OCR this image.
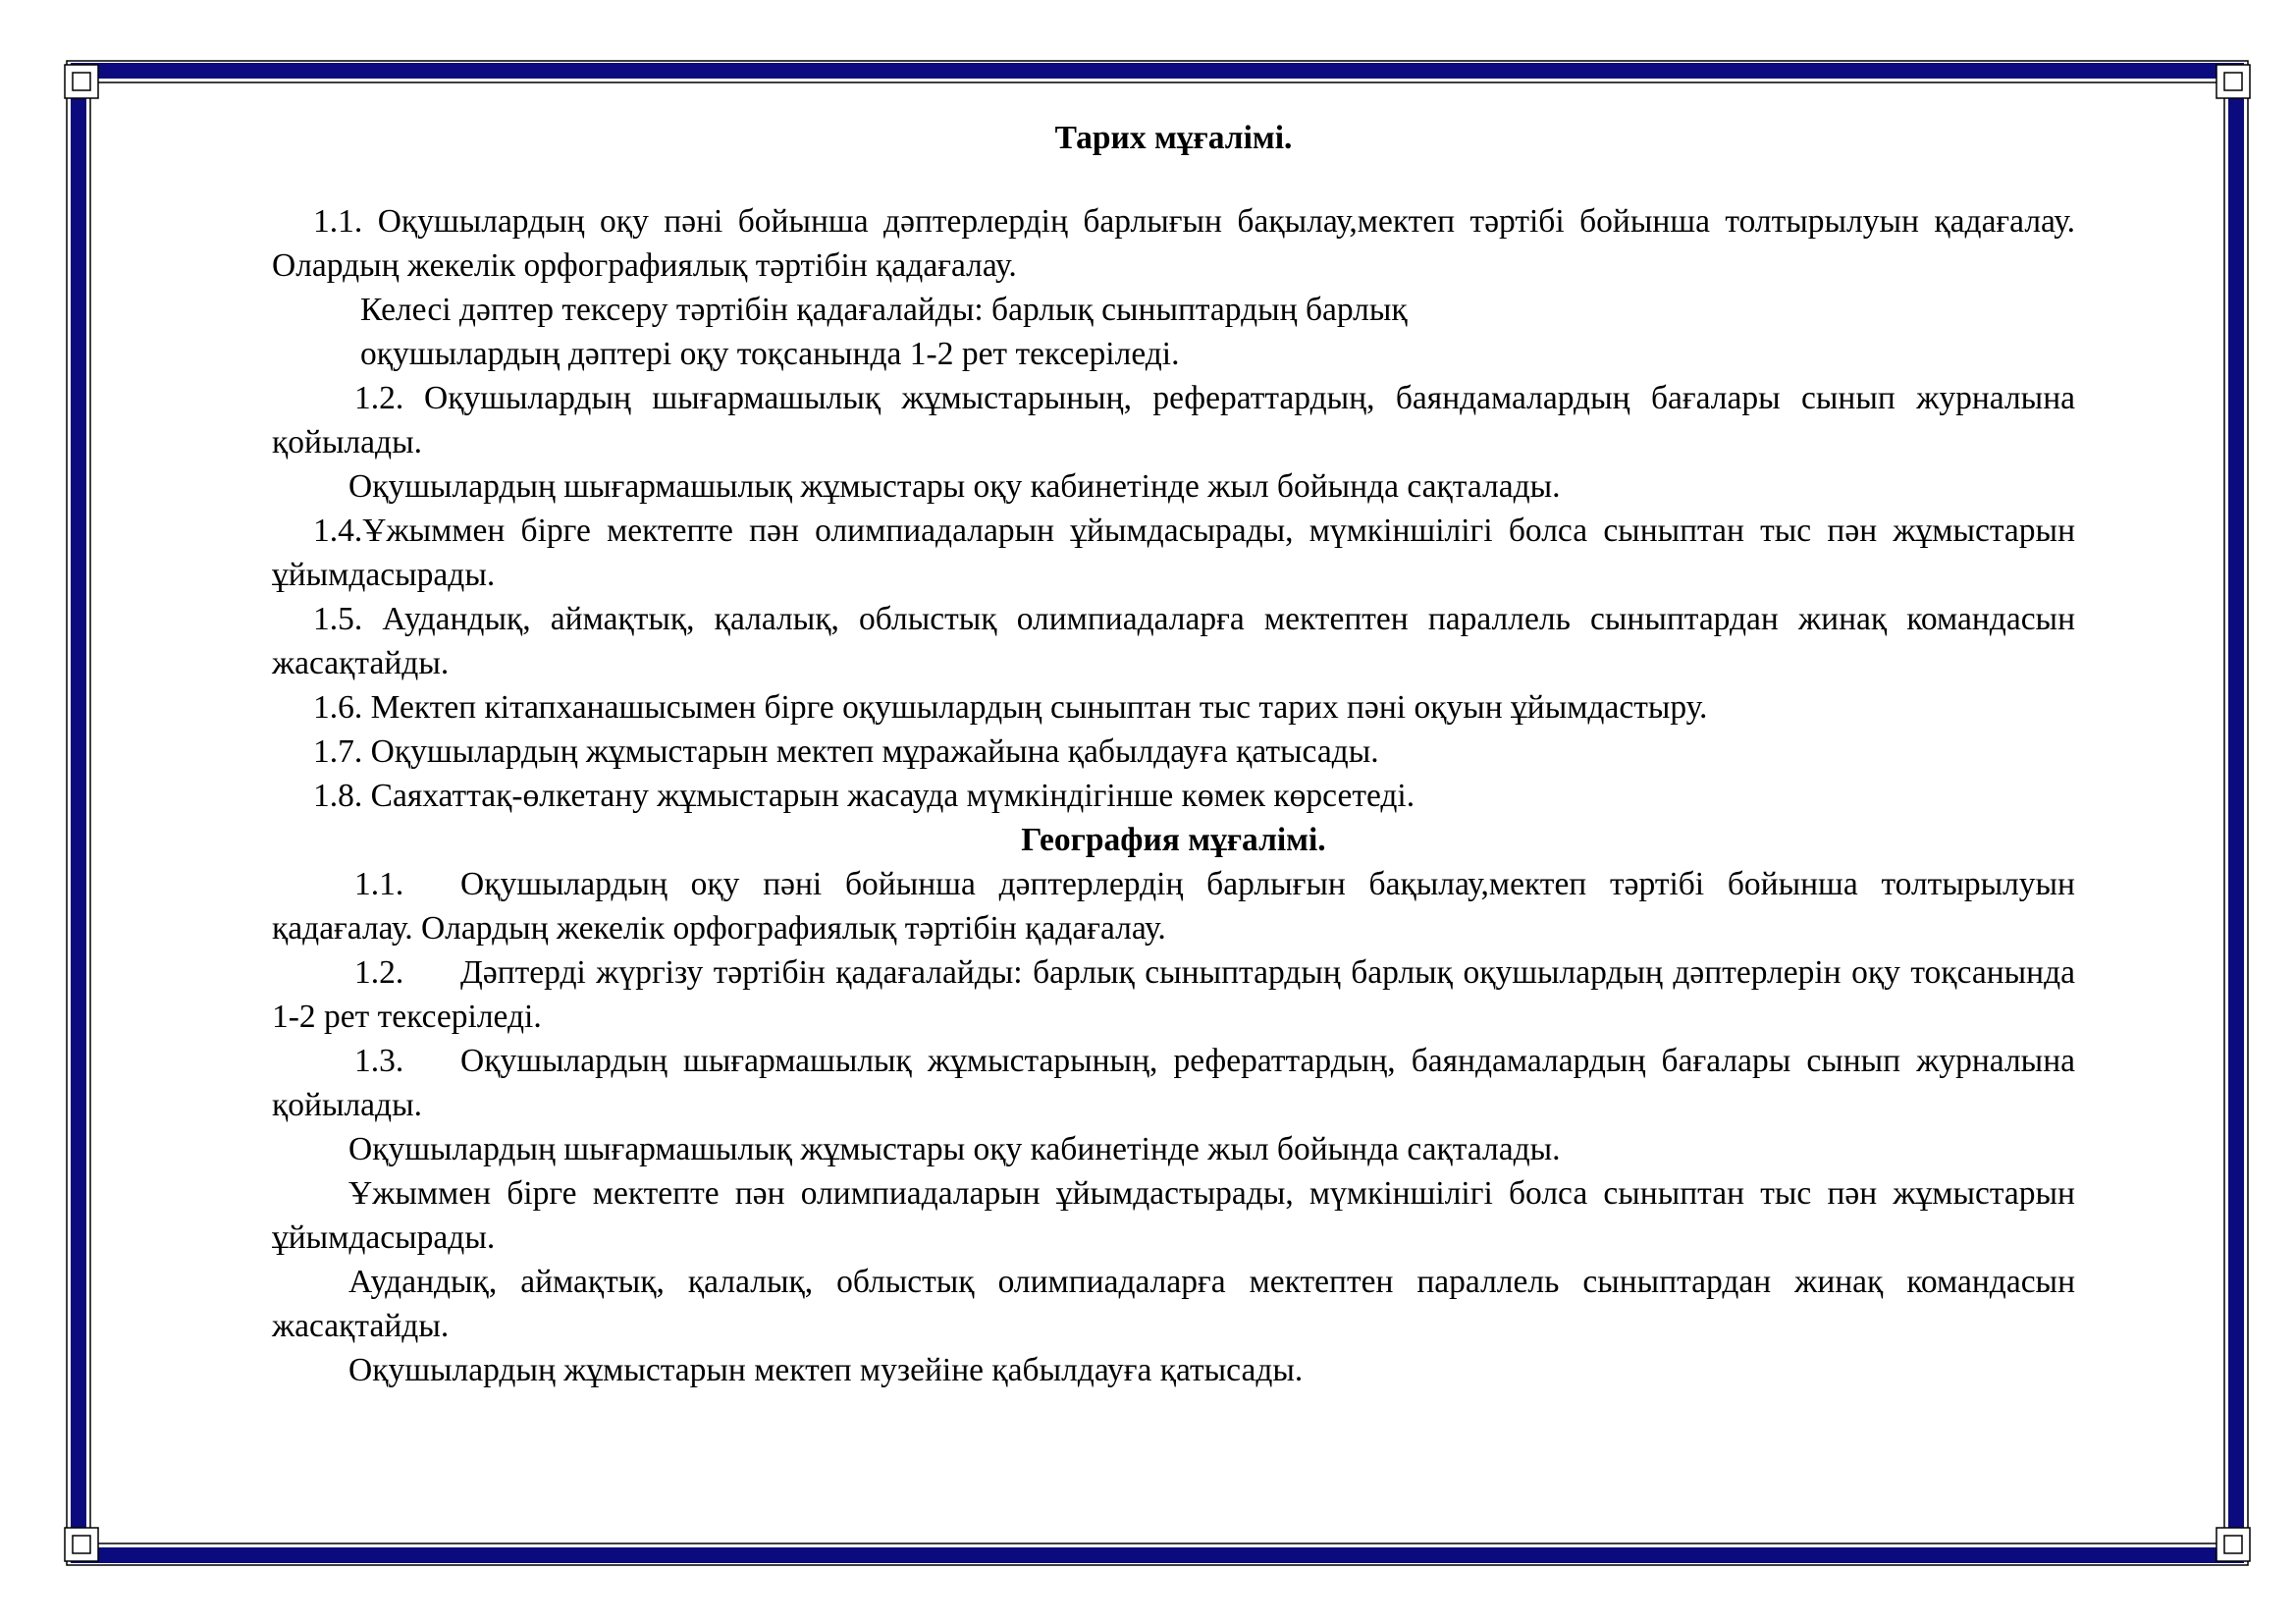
Тарих мұғалімі.

1.1. Оқушылардың оқу пәні бойынша дәптерлердің барлығын бақылау,мектеп тәртібі бойынша толтырылуын қадағалау. Олардың жекелік орфографиялық тәртібін қадағалау.

Келесі дәптер тексеру тәртібін қадағалайды: барлық сыныптардың барлық

оқушылардың дәптері оқу тоқсанында 1-2 рет тексеріледі.

1.2. Оқушылардың шығармашылық жұмыстарының, рефераттардың, баяндамалардың бағалары сынып журналына қойылады.

Оқушылардың шығармашылық жұмыстары оқу кабинетінде жыл бойында сақталады.

1.4.Ұжыммен бірге мектепте пән олимпиадаларын ұйымдасырады, мүмкіншілігі болса сыныптан тыс пән жұмыстарын ұйымдасырады.

1.5. Аудандық, аймақтық, қалалық, облыстық олимпиадаларға мектептен параллель сыныптардан жинақ командасын жасақтайды.

1.6. Мектеп кітапханашысымен бірге оқушылардың сыныптан тыс тарих пәні оқуын ұйымдастыру.

1.7. Оқушылардың жұмыстарын мектеп мұражайына қабылдауға қатысады.

1.8. Саяхаттақ-өлкетану жұмыстарын жасауда мүмкіндігінше көмек көрсетеді.

География мұғалімі.

1.1. Оқушылардың оқу пәні бойынша дәптерлердің барлығын бақылау,мектеп тәртібі бойынша толтырылуын қадағалау. Олардың жекелік орфографиялық тәртібін қадағалау.

1.2. Дәптерді жүргізу тәртібін қадағалайды: барлық сыныптардың барлық оқушылардың дәптерлерін оқу тоқсанында 1-2 рет тексеріледі.

1.3. Оқушылардың шығармашылық жұмыстарының, рефераттардың, баяндамалардың бағалары сынып журналына қойылады.

Оқушылардың шығармашылық жұмыстары оқу кабинетінде жыл бойында сақталады.

Ұжыммен бірге мектепте пән олимпиадаларын ұйымдастырады, мүмкіншілігі болса сыныптан тыс пән жұмыстарын ұйымдасырады.

Аудандық, аймақтық, қалалық, облыстық олимпиадаларға мектептен параллель сыныптардан жинақ командасын жасақтайды.

Оқушылардың жұмыстарын мектеп музейіне қабылдауға қатысады.
